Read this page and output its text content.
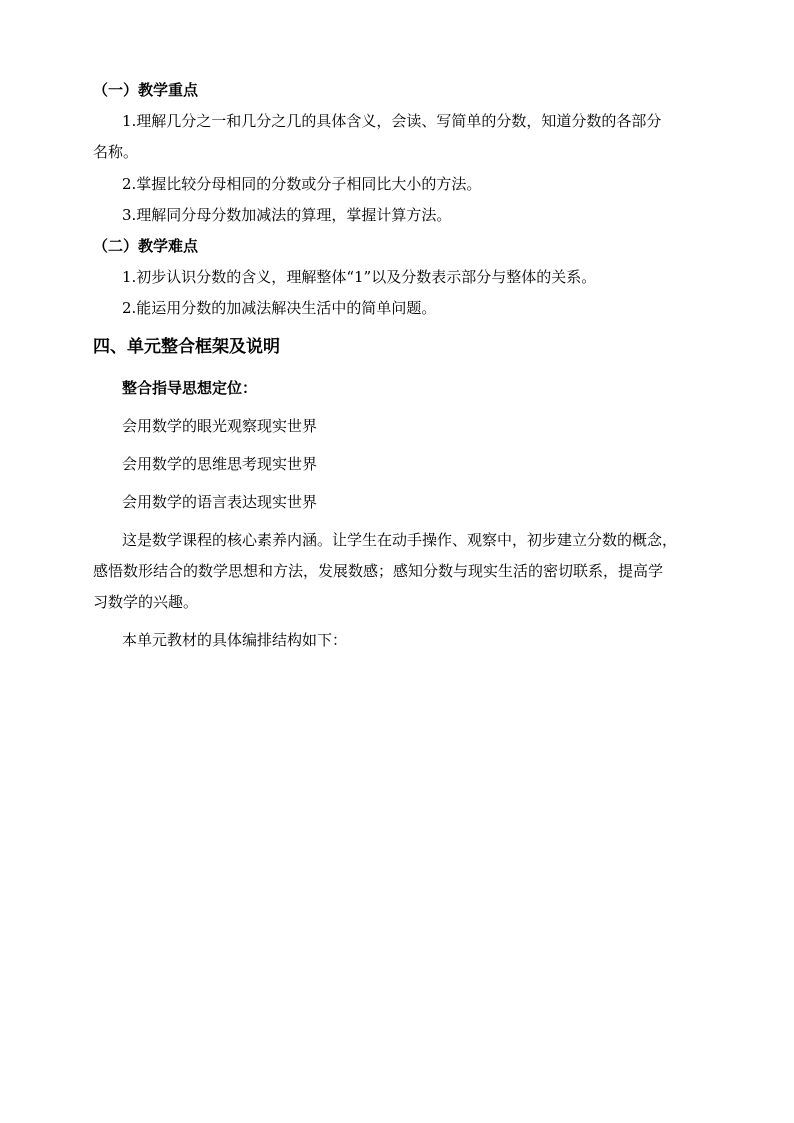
（一）教学重点
1.理解几分之一和几分之几的具体含义，会读、写简单的分数，知道分数的各部分
名称。
2.掌握比较分母相同的分数或分子相同比大小的方法。
3.理解同分母分数加减法的算理，掌握计算方法。
（二）教学难点
1.初步认识分数的含义，理解整体“1”以及分数表示部分与整体的关系。
2.能运用分数的加减法解决生活中的简单问题。
四、单元整合框架及说明
整合指导思想定位：
会用数学的眼光观察现实世界
会用数学的思维思考现实世界
会用数学的语言表达现实世界
这是数学课程的核心素养内涵。让学生在动手操作、观察中，初步建立分数的概念，
感悟数形结合的数学思想和方法，发展数感；感知分数与现实生活的密切联系，提高学
习数学的兴趣。
本单元教材的具体编排结构如下：
